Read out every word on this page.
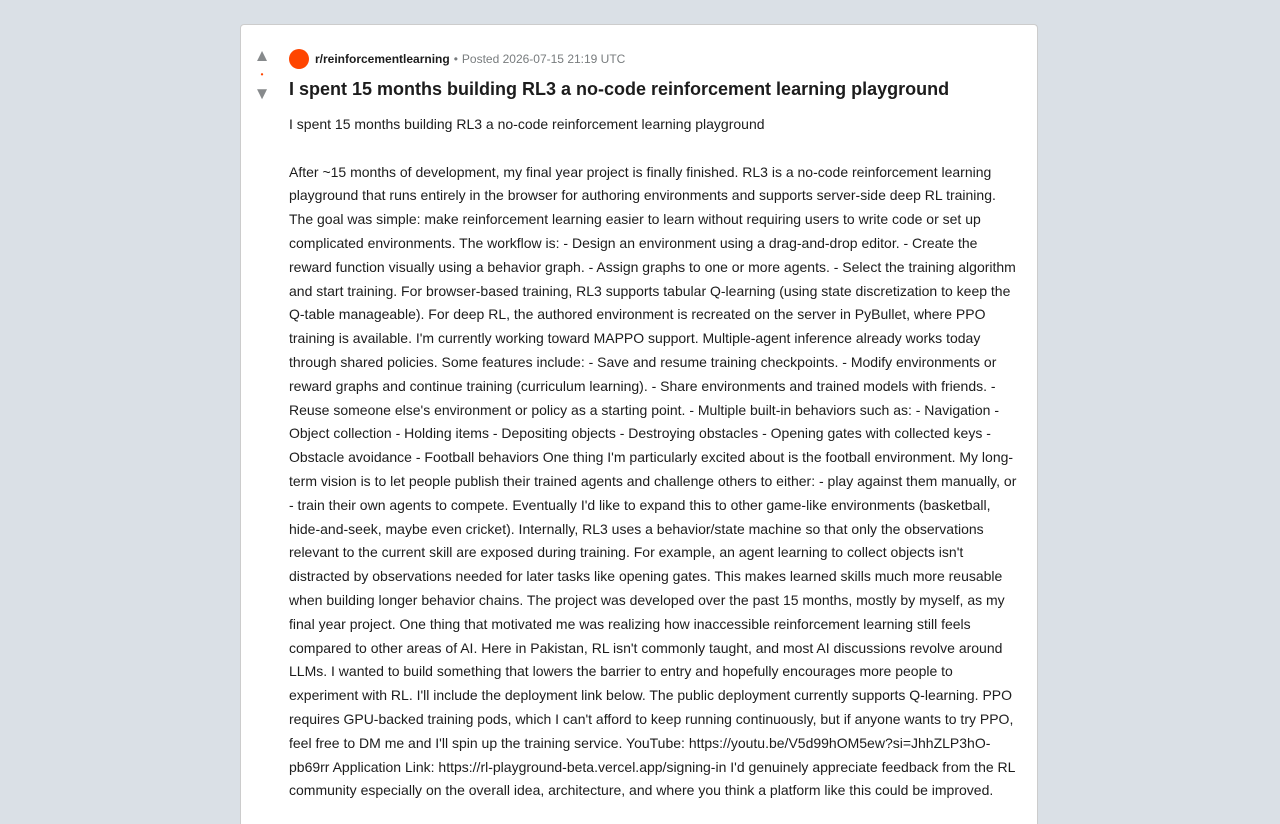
▲
•
▼
r/reinforcementlearning • Posted 2026-07-15 21:19 UTC
I spent 15 months building RL3 a no-code reinforcement learning playground

I spent 15 months building RL3 a no-code reinforcement learning playground

After ~15 months of development, my final year project is finally finished. RL3 is a no-code reinforcement learning playground that runs entirely in the browser for authoring environments and supports server-side deep RL training. The goal was simple: make reinforcement learning easier to learn without requiring users to write code or set up complicated environments. The workflow is: - Design an environment using a drag-and-drop editor. - Create the reward function visually using a behavior graph. - Assign graphs to one or more agents. - Select the training algorithm and start training. For browser-based training, RL3 supports tabular Q-learning (using state discretization to keep the Q-table manageable). For deep RL, the authored environment is recreated on the server in PyBullet, where PPO training is available. I'm currently working toward MAPPO support. Multiple-agent inference already works today through shared policies. Some features include: - Save and resume training checkpoints. - Modify environments or reward graphs and continue training (curriculum learning). - Share environments and trained models with friends. - Reuse someone else's environment or policy as a starting point. - Multiple built-in behaviors such as: - Navigation - Object collection - Holding items - Depositing objects - Destroying obstacles - Opening gates with collected keys - Obstacle avoidance - Football behaviors One thing I'm particularly excited about is the football environment. My long-term vision is to let people publish their trained agents and challenge others to either: - play against them manually, or - train their own agents to compete. Eventually I'd like to expand this to other game-like environments (basketball, hide-and-seek, maybe even cricket). Internally, RL3 uses a behavior/state machine so that only the observations relevant to the current skill are exposed during training. For example, an agent learning to collect objects isn't distracted by observations needed for later tasks like opening gates. This makes learned skills much more reusable when building longer behavior chains. The project was developed over the past 15 months, mostly by myself, as my final year project. One thing that motivated me was realizing how inaccessible reinforcement learning still feels compared to other areas of AI. Here in Pakistan, RL isn't commonly taught, and most AI discussions revolve around LLMs. I wanted to build something that lowers the barrier to entry and hopefully encourages more people to experiment with RL. I'll include the deployment link below. The public deployment currently supports Q-learning. PPO requires GPU-backed training pods, which I can't afford to keep running continuously, but if anyone wants to try PPO, feel free to DM me and I'll spin up the training service. YouTube: https://youtu.be/V5d99hOM5ew?si=JhhZLP3hO-pb69rr Application Link: https://rl-playground-beta.vercel.app/signing-in I'd genuinely appreciate feedback from the RL community especially on the overall idea, architecture, and where you think a platform like this could be improved.
